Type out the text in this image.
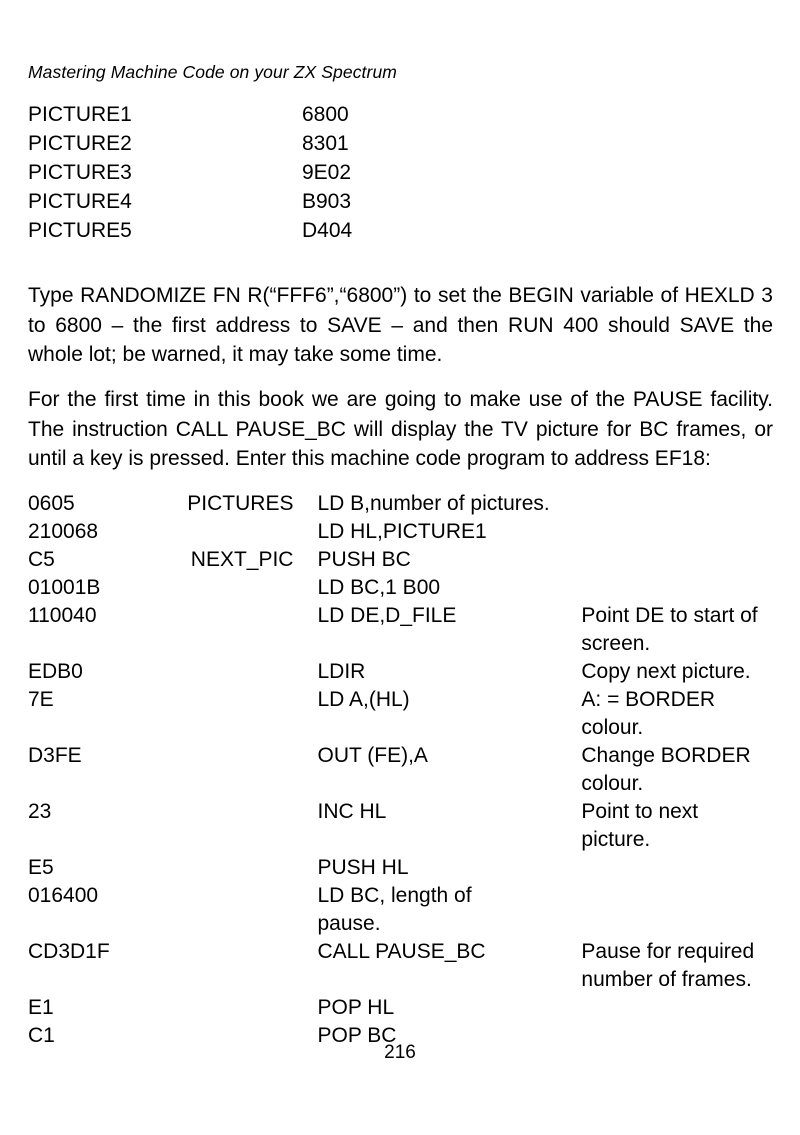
Mastering Machine Code on your ZX Spectrum
PICTURE1	6800
PICTURE2	8301
PICTURE3	9E02
PICTURE4	B903
PICTURE5	D404

Type RANDOMIZE FN R(“FFF6”,“6800”) to set the BEGIN variable of HEXLD 3 to 6800 – the first address to SAVE – and then RUN 400 should SAVE the whole lot; be warned, it may take some time.

For the first time in this book we are going to make use of the PAUSE facility. The instruction CALL PAUSE_BC will display the TV picture for BC frames, or until a key is pressed. Enter this machine code program to address EF18:

0605	PICTURES	LD B,number of pictures.	
210068		LD HL,PICTURE1	
C5	NEXT_PIC	PUSH BC	
01001B		LD BC,1 B00	
110040		LD DE,D_FILE	Point DE to start of
			screen.
EDB0		LDIR	Copy next picture.
7E		LD A,(HL)	A: = BORDER
			colour.
D3FE		OUT (FE),A	Change BORDER
			colour.
23		INC HL	Point to next
			picture.
E5		PUSH HL	
016400		LD BC, length of	
		pause.	
CD3D1F		CALL PAUSE_BC	Pause for required
			number of frames.
E1		POP HL	
C1		POP BC	
216
